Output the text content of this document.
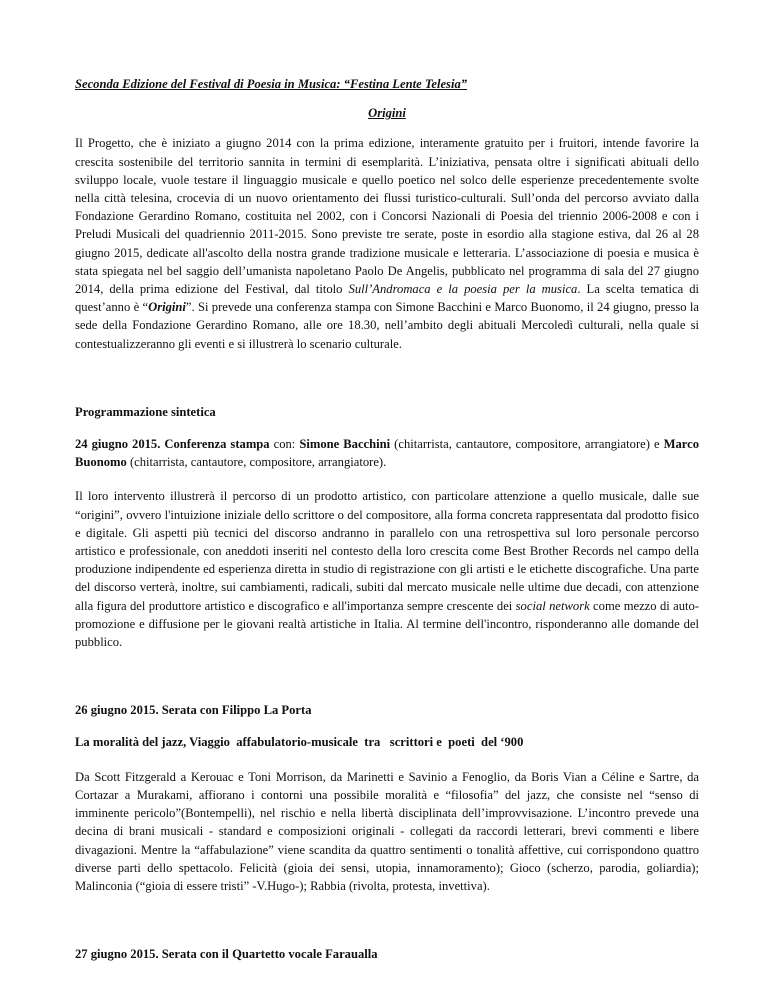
Seconda Edizione del Festival di Poesia in Musica: “Festina Lente Telesia”

Origini

Il Progetto, che è iniziato a giugno 2014 con la prima edizione, interamente gratuito per i fruitori, intende favorire la crescita sostenibile del territorio sannita in termini di esemplarità. L’iniziativa, pensata oltre i significati abituali dello sviluppo locale, vuole testare il linguaggio musicale e quello poetico nel solco delle esperienze precedentemente svolte nella città telesina, crocevia di un nuovo orientamento dei flussi turistico-culturali. Sull’onda del percorso avviato dalla Fondazione Gerardino Romano, costituita nel 2002, con i Concorsi Nazionali di Poesia del triennio 2006-2008 e con i Preludi Musicali del quadriennio 2011-2015. Sono previste tre serate, poste in esordio alla stagione estiva, dal 26 al 28 giugno 2015, dedicate all'ascolto della nostra grande tradizione musicale e letteraria. L’associazione di poesia e musica è stata spiegata nel bel saggio dell’umanista napoletano Paolo De Angelis, pubblicato nel programma di sala del 27 giugno 2014, della prima edizione del Festival, dal titolo Sull’Andromaca e la poesia per la musica. La scelta tematica di quest’anno è “Origini”. Si prevede una conferenza stampa con Simone Bacchini e Marco Buonomo, il 24 giugno, presso la sede della Fondazione Gerardino Romano, alle ore 18.30, nell’ambito degli abituali Mercoledì culturali, nella quale si contestualizzeranno gli eventi e si illustrerà lo scenario culturale.

Programmazione sintetica

24 giugno 2015. Conferenza stampa con: Simone Bacchini (chitarrista, cantautore, compositore, arrangiatore) e Marco Buonomo (chitarrista, cantautore, compositore, arrangiatore).

Il loro intervento illustrerà il percorso di un prodotto artistico, con particolare attenzione a quello musicale, dalle sue “origini”, ovvero l'intuizione iniziale dello scrittore o del compositore, alla forma concreta rappresentata dal prodotto fisico e digitale. Gli aspetti più tecnici del discorso andranno in parallelo con una retrospettiva sul loro personale percorso artistico e professionale, con aneddoti inseriti nel contesto della loro crescita come Best Brother Records nel campo della produzione indipendente ed esperienza diretta in studio di registrazione con gli artisti e le etichette discografiche. Una parte del discorso verterà, inoltre, sui cambiamenti, radicali, subiti dal mercato musicale nelle ultime due decadi, con attenzione alla figura del produttore artistico e discografico e all'importanza sempre crescente dei social network come mezzo di auto-promozione e diffusione per le giovani realtà artistiche in Italia. Al termine dell'incontro, risponderanno alle domande del pubblico.

26 giugno 2015. Serata con Filippo La Porta

La moralità del jazz, Viaggio  affabulatorio-musicale  tra   scrittori e  poeti  del ‘900

Da Scott Fitzgerald a Kerouac e Toni Morrison, da Marinetti e Savinio a Fenoglio, da Boris Vian a Céline e Sartre, da Cortazar a Murakami, affiorano i contorni una possibile moralità e “filosofia” del jazz, che consiste nel “senso di imminente pericolo”(Bontempelli), nel rischio e nella libertà disciplinata dell’improvvisazione. L’incontro prevede una decina di brani musicali - standard e composizioni originali - collegati da raccordi letterari, brevi commenti e libere divagazioni. Mentre la “affabulazione” viene scandita da quattro sentimenti o tonalità affettive, cui corrispondono quattro diverse parti dello spettacolo. Felicità (gioia dei sensi, utopia, innamoramento); Gioco (scherzo, parodia, goliardia); Malinconia (“gioia di essere tristi” -V.Hugo-); Rabbia (rivolta, protesta, invettiva).

27 giugno 2015. Serata con il Quartetto vocale Faraualla
